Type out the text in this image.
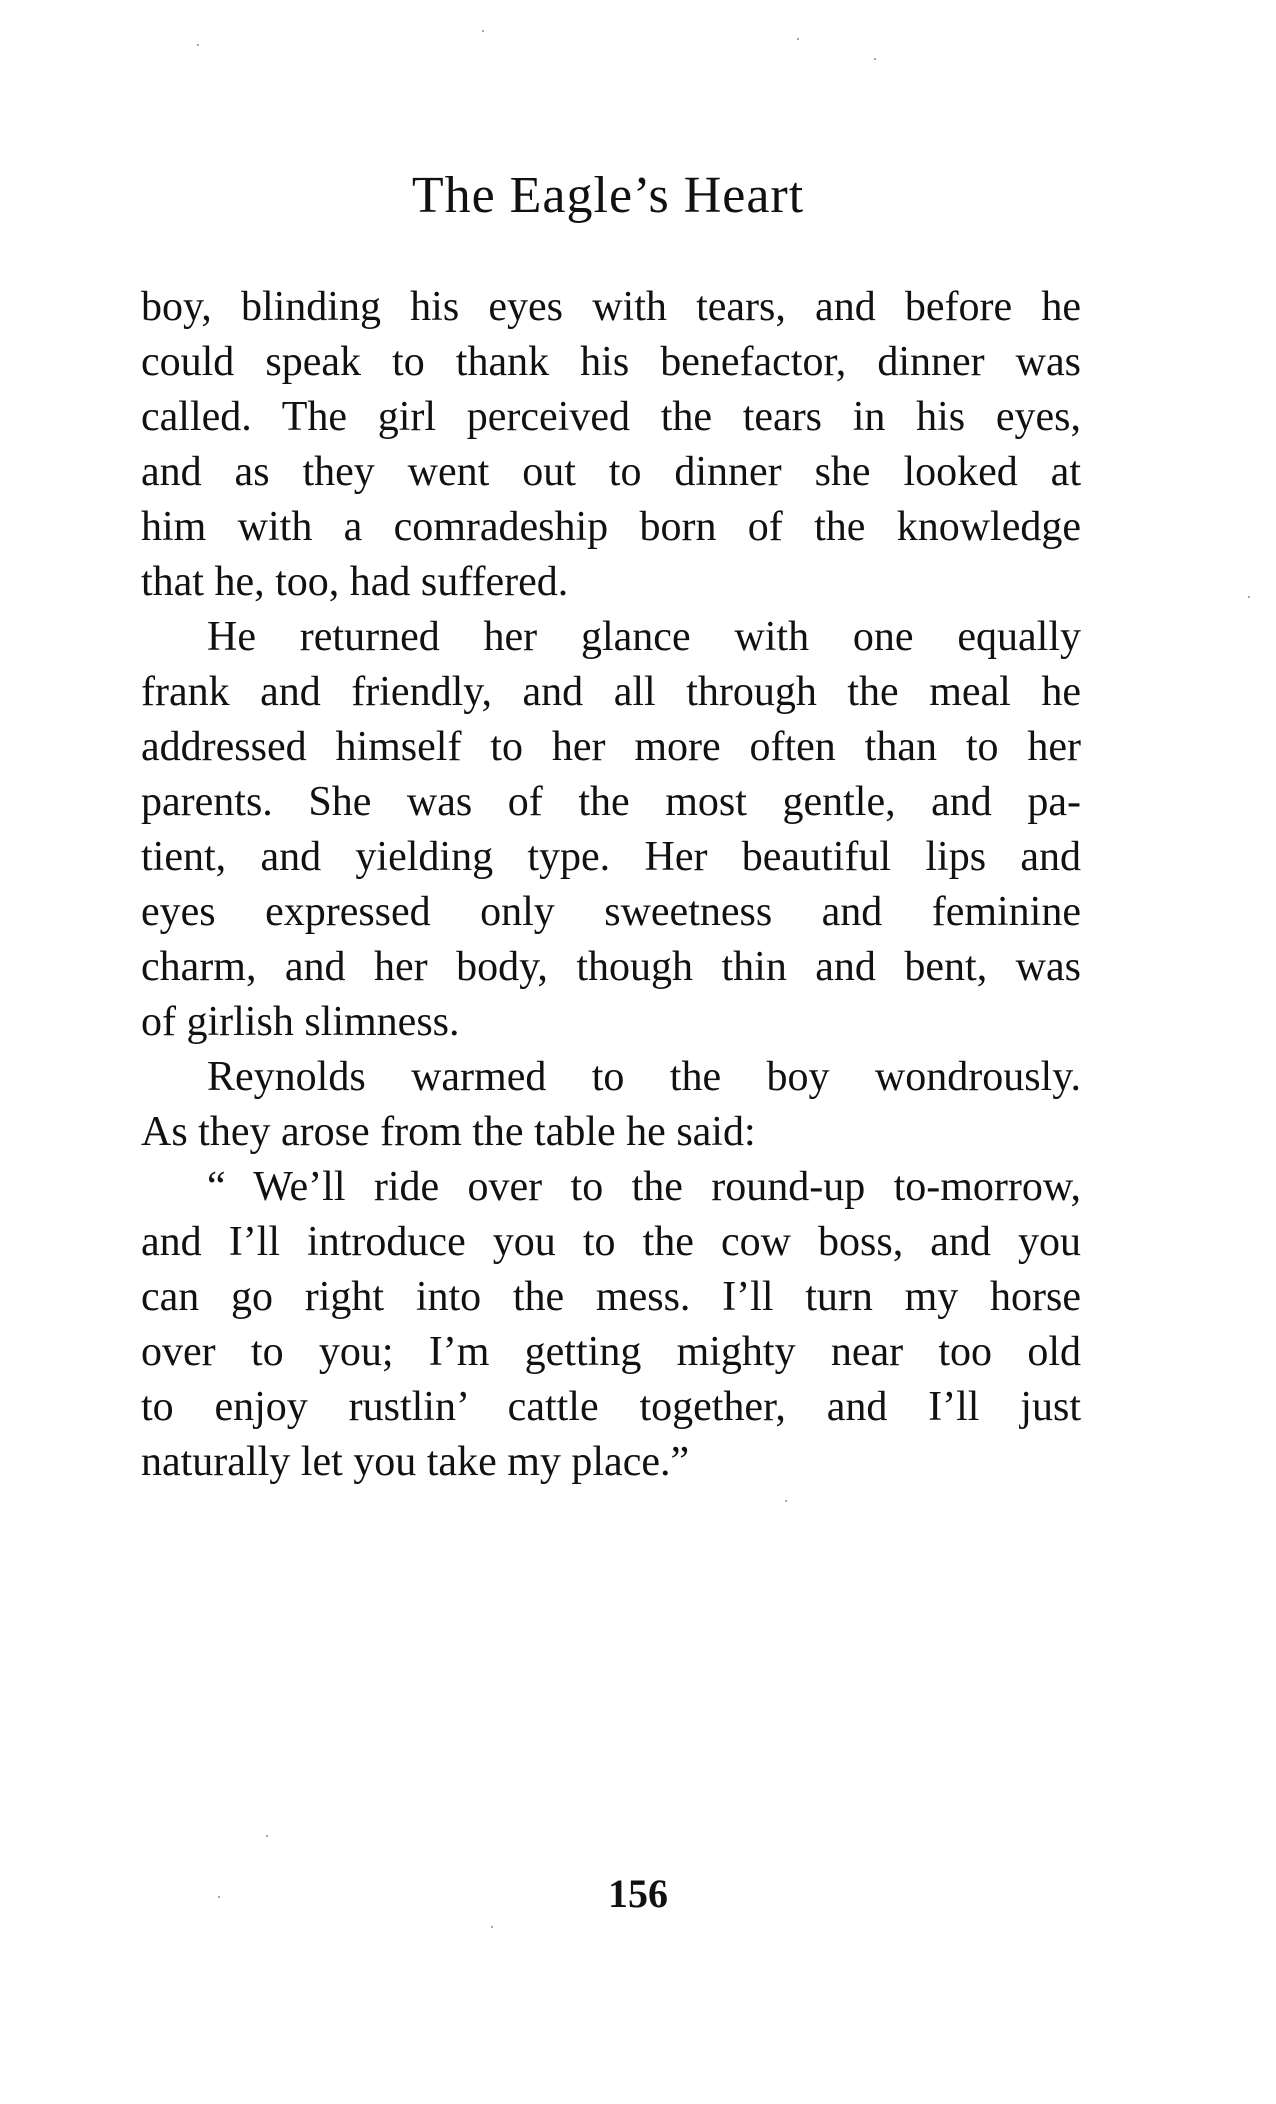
The Eagle’s Heart

boy, blinding his eyes with tears, and before he
could speak to thank his benefactor, dinner was
called. The girl perceived the tears in his eyes,
and as they went out to dinner she looked at
him with a comradeship born of the knowledge
that he, too, had suffered.

He returned her glance with one equally
frank and friendly, and all through the meal he
addressed himself to her more often than to her
parents. She was of the most gentle, and pa-
tient, and yielding type. Her beautiful lips and
eyes expressed only sweetness and feminine
charm, and her body, though thin and bent, was
of girlish slimness.

Reynolds warmed to the boy wondrously.
As they arose from the table he said:

“ We’ll ride over to the round-up to-morrow,
and I’ll introduce you to the cow boss, and you
can go right into the mess. I’ll turn my horse
over to you; I’m getting mighty near too old
to enjoy rustlin’ cattle together, and I’ll just
naturally let you take my place.”

156
